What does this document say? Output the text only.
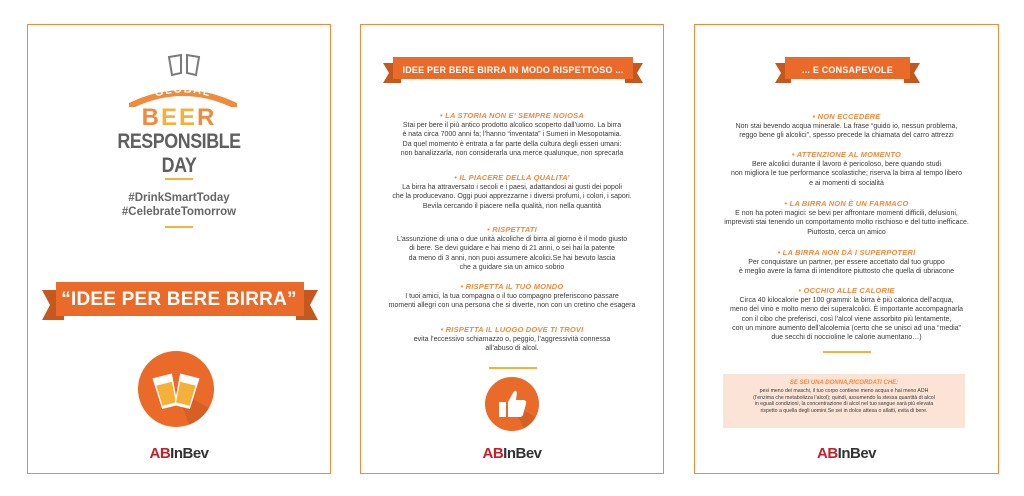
GLOBAL
BEER
RESPONSIBLE
DAY
#DrinkSmartToday
#CelebrateTomorrow
“IDEE PER BERE BIRRA”
ABInBev
IDEE PER BERE BIRRA IN MODO RISPETTOSO ...
• LA STORIA NON E’ SEMPRE NOIOSA
Stai per bere il più antico prodotto alcolico scoperto dall’uomo. La birra
è nata circa 7000 anni fa; l’hanno “inventata” i Sumeri in Mesopotamia.
Da quel momento è entrata a far parte della cultura degli esseri umani:
non banalizzarla, non considerarla una merce qualunque, non sprecarla
• IL PIACERE DELLA QUALITA’
La birra ha attraversato i secoli e i paesi, adattandosi ai gusti dei popoli
che la producevano. Oggi puoi apprezzarne i diversi profumi, i colori, i sapori.
Bevila cercando il piacere nella qualità, non nella quantità
• RISPETTATI
L’assunzione di una o due unità alcoliche di birra al giorno è il modo giusto
di bere. Se devi guidare e hai meno di 21 anni, o sei hai la patente
da meno di 3 anni, non puoi assumere alcolici.Se hai bevuto lascia
che a guidare sia un amico sobrio
• RISPETTA IL TUO MONDO
I tuoi amici, la tua compagna o il tuo compagno preferiscono passare
momenti allegri con una persona che si diverte, non con un cretino che esagera
• RISPETTA IL LUOGO DOVE TI TROVI
evita l’eccessivo schiamazzo o, peggio, l’aggressività connessa
all’abuso di alcol.
ABInBev
... E CONSAPEVOLE
• NON ECCEDERE
Non stai bevendo acqua minerale. La frase “guido io, nessun problema,
reggo bene gli alcolici”, spesso precede la chiamata del carro attrezzi
• ATTENZIONE AL MOMENTO
Bere alcolici durante il lavoro è pericoloso, bere quando studi
non migliora le tue performance scolastiche; riserva la birra al tempo libero
e ai momenti di socialità
• LA BIRRA NON È UN FARMACO
E non ha poteri magici: se bevi per affrontare momenti difficili, delusioni,
imprevisti stai tenendo un comportamento molto rischioso e del tutto inefficace.
Piuttosto, cerca un amico
• LA BIRRA NON DÀ I SUPERPOTERI
Per conquistare un partner, per essere accettato dal tuo gruppo
è meglio avere la fama di intenditore piuttosto che quella di ubriacone
• OCCHIO ALLE CALORIE
Circa 40 kilocalorie per 100 grammi: la birra è più calorica dell’acqua,
meno del vino e molto meno dei superalcolici. È importante accompagnarla
con il cibo che preferisci, così l’alcol viene assorbito più lentamente,
con un minore aumento dell’alcolemia (certo che se unisci ad una “media”
due secchi di noccioline le calorie aumentano…)
SE SEI UNA DONNA,RICORDATI CHE:
pesi meno dei maschi, il tuo corpo contiene meno acqua e hai meno ADH
(l’enzima che metabolizza l’alcol); quindi, assumendo la stessa quantità di alcol
in eguali condizioni, la concentrazione di alcol nel tuo sangue sarà più elevata
rispetto a quella degli uomini.Se sei in dolce attesa o allatti, evita di bere.
ABInBev
